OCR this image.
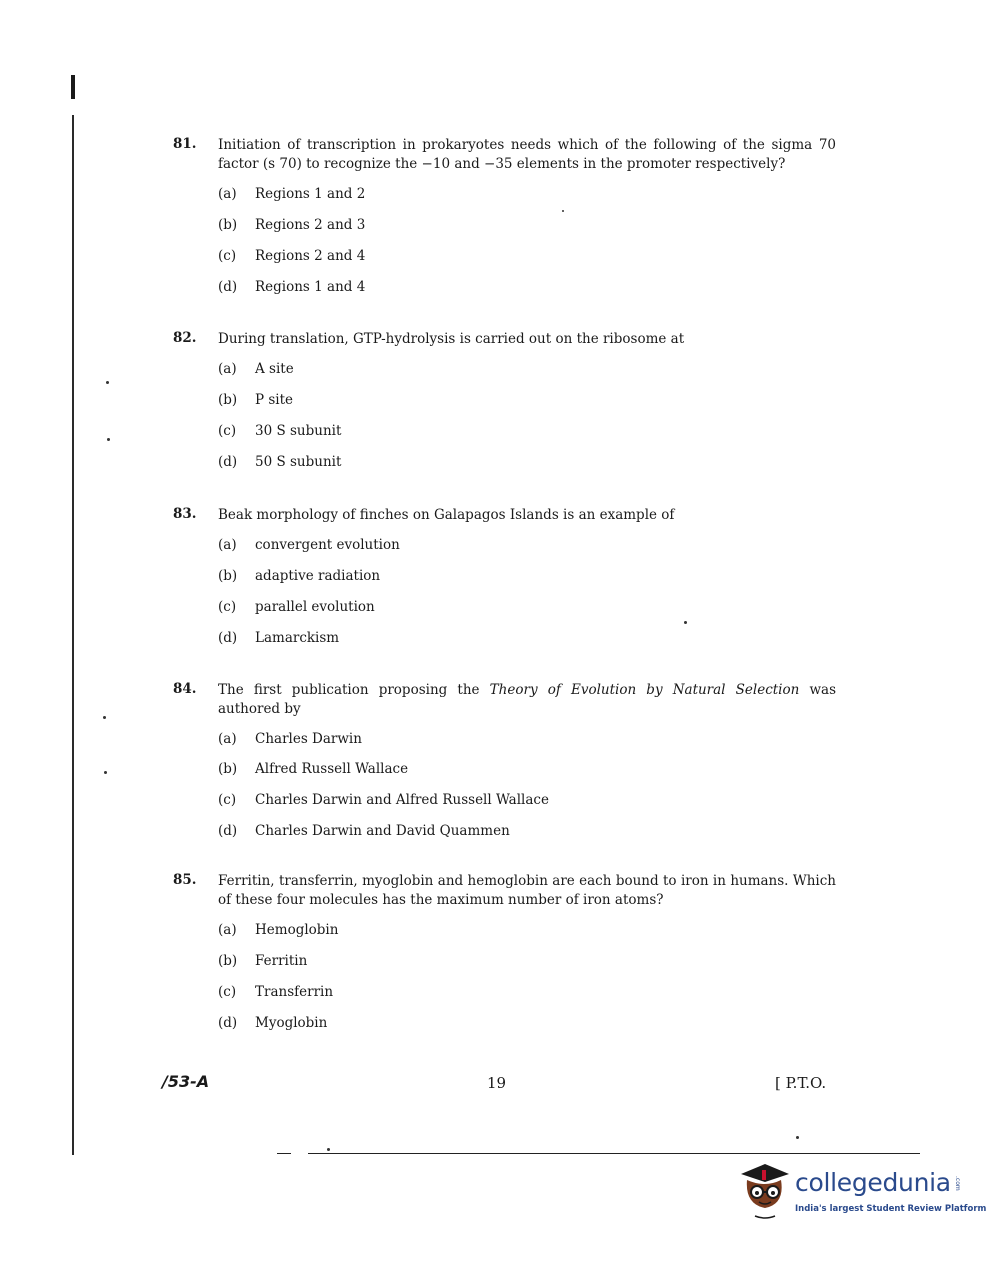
81. Initiation of transcription in prokaryotes needs which of the following of the sigma 70 factor (s 70) to recognize the −10 and −35 elements in the promoter respectively?
(a) Regions 1 and 2
(b) Regions 2 and 3
(c) Regions 2 and 4
(d) Regions 1 and 4
82. During translation, GTP-hydrolysis is carried out on the ribosome at
(a) A site
(b) P site
(c) 30 S subunit
(d) 50 S subunit
83. Beak morphology of finches on Galapagos Islands is an example of
(a) convergent evolution
(b) adaptive radiation
(c) parallel evolution
(d) Lamarckism
84. The first publication proposing the Theory of Evolution by Natural Selection was authored by
(a) Charles Darwin
(b) Alfred Russell Wallace
(c) Charles Darwin and Alfred Russell Wallace
(d) Charles Darwin and David Quammen
85. Ferritin, transferrin, myoglobin and hemoglobin are each bound to iron in humans. Which of these four molecules has the maximum number of iron atoms?
(a) Hemoglobin
(b) Ferritin
(c) Transferrin
(d) Myoglobin
/53-A	19	[ P.T.O.
collegedunia .com
India's largest Student Review Platform
